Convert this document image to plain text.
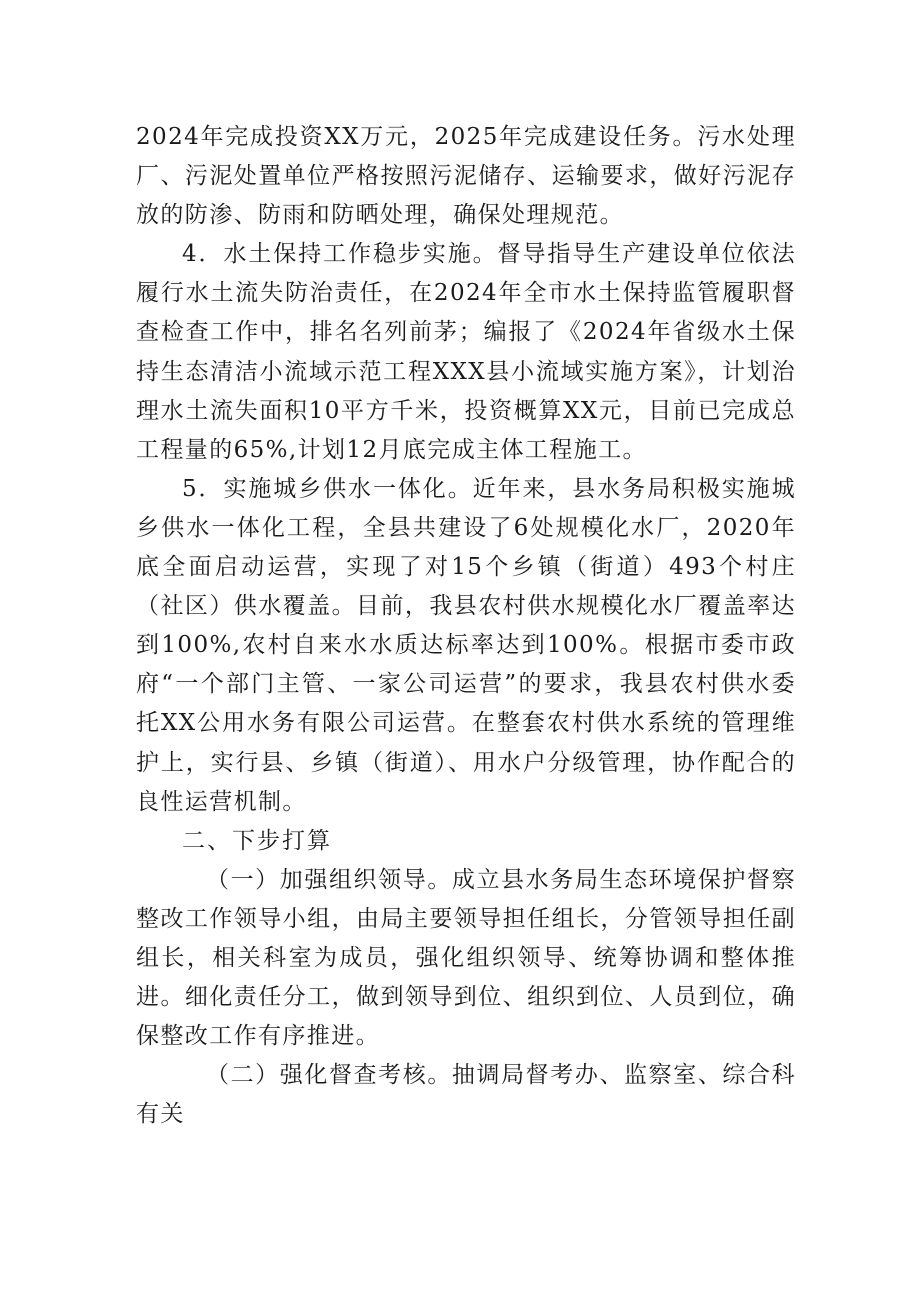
2024年完成投资XX万元，2025年完成建设任务。污水处理厂、污泥处置单位严格按照污泥储存、运输要求，做好污泥存放的防渗、防雨和防晒处理，确保处理规范。

4．水土保持工作稳步实施。督导指导生产建设单位依法履行水土流失防治责任，在2024年全市水土保持监管履职督查检查工作中，排名名列前茅；编报了《2024年省级水土保持生态清洁小流域示范工程XXX县小流域实施方案》，计划治理水土流失面积10平方千米，投资概算XX元，目前已完成总工程量的65%,计划12月底完成主体工程施工。

5．实施城乡供水一体化。近年来，县水务局积极实施城乡供水一体化工程，全县共建设了6处规模化水厂，2020年底全面启动运营，实现了对15个乡镇（街道）493个村庄（社区）供水覆盖。目前，我县农村供水规模化水厂覆盖率达到100%,农村自来水水质达标率达到100%。根据市委市政府“一个部门主管、一家公司运营”的要求，我县农村供水委托XX公用水务有限公司运营。在整套农村供水系统的管理维护上，实行县、乡镇（街道）、用水户分级管理，协作配合的良性运营机制。

二、下步打算

（一）加强组织领导。成立县水务局生态环境保护督察整改工作领导小组，由局主要领导担任组长，分管领导担任副组长，相关科室为成员，强化组织领导、统筹协调和整体推进。细化责任分工，做到领导到位、组织到位、人员到位，确保整改工作有序推进。

（二）强化督查考核。抽调局督考办、监察室、综合科有关
